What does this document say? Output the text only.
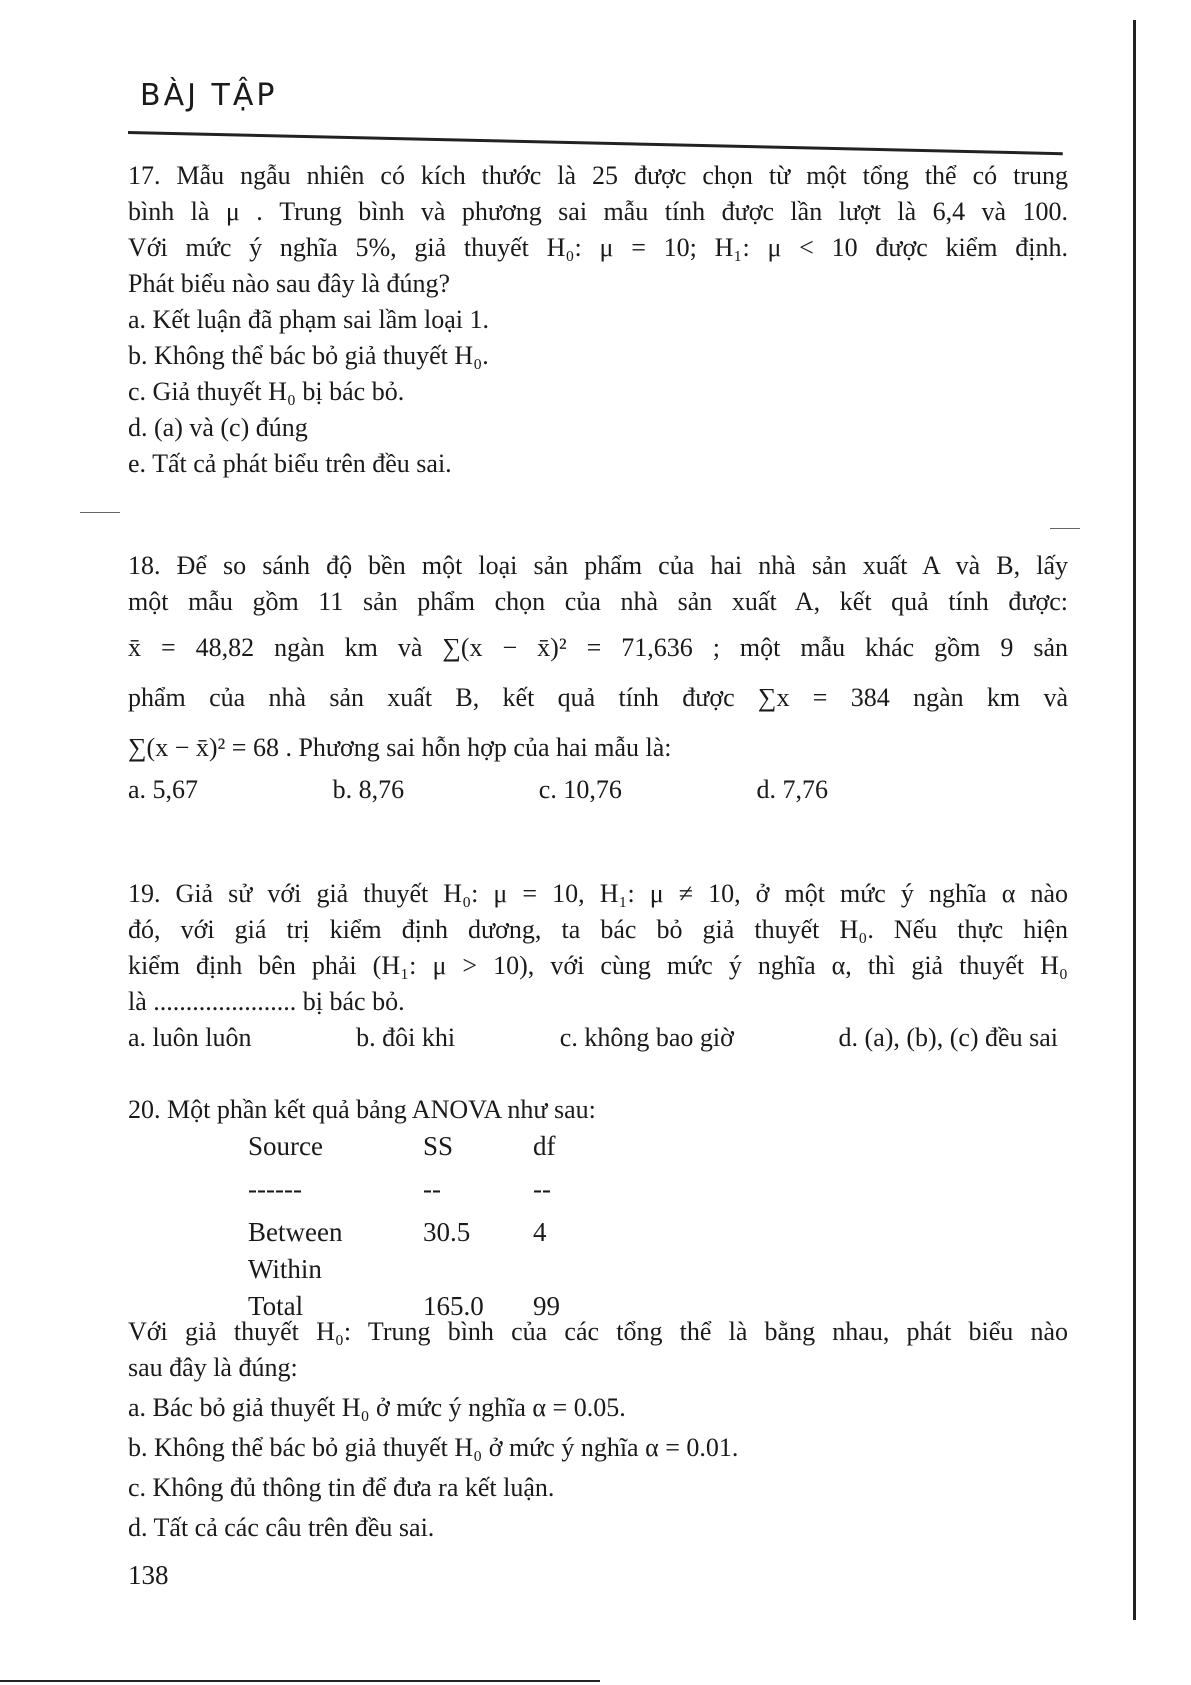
BÀJ TẬP

17. Mẫu ngẫu nhiên có kích thước là 25 được chọn từ một tổng thể có trung

bình là μ . Trung bình và phương sai mẫu tính được lần lượt là 6,4 và 100.

Với mức ý nghĩa 5%, giả thuyết H₀: μ = 10; H₁: μ < 10 được kiểm định.

Phát biểu nào sau đây là đúng?

a. Kết luận đã phạm sai lầm loại 1.

b. Không thể bác bỏ giả thuyết H₀.

c. Giả thuyết H₀ bị bác bỏ.

d. (a) và (c) đúng

e. Tất cả phát biểu trên đều sai.

18. Để so sánh độ bền một loại sản phẩm của hai nhà sản xuất A và B, lấy

một mẫu gồm 11 sản phẩm chọn của nhà sản xuất A, kết quả tính được:

x̄ = 48,82 ngàn km và ∑(x − x̄)² = 71,636 ; một mẫu khác gồm 9 sản

phẩm của nhà sản xuất B, kết quả tính được ∑x = 384 ngàn km và

∑(x − x̄)² = 68 . Phương sai hỗn hợp của hai mẫu là:

a. 5,67	b. 8,76	c. 10,76	d. 7,76

19. Giả sử với giả thuyết H₀: μ = 10, H₁: μ ≠ 10, ở một mức ý nghĩa α nào

đó, với giá trị kiểm định dương, ta bác bỏ giả thuyết H₀. Nếu thực hiện

kiểm định bên phải (H₁: μ > 10), với cùng mức ý nghĩa α, thì giả thuyết H₀

là ...................... bị bác bỏ.

a. luôn luôn	b. đôi khi	c. không bao giờ	d. (a), (b), (c) đều sai

20. Một phần kết quả bảng ANOVA như sau:

Source	SS	df
------	--	--
Between	30.5	4
Within
Total	165.0	99

Với giả thuyết H₀: Trung bình của các tổng thể là bằng nhau, phát biểu nào

sau đây là đúng:

a. Bác bỏ giả thuyết H₀ ở mức ý nghĩa α = 0.05.

b. Không thể bác bỏ giả thuyết H₀ ở mức ý nghĩa α = 0.01.

c. Không đủ thông tin để đưa ra kết luận.

d. Tất cả các câu trên đều sai.

138
